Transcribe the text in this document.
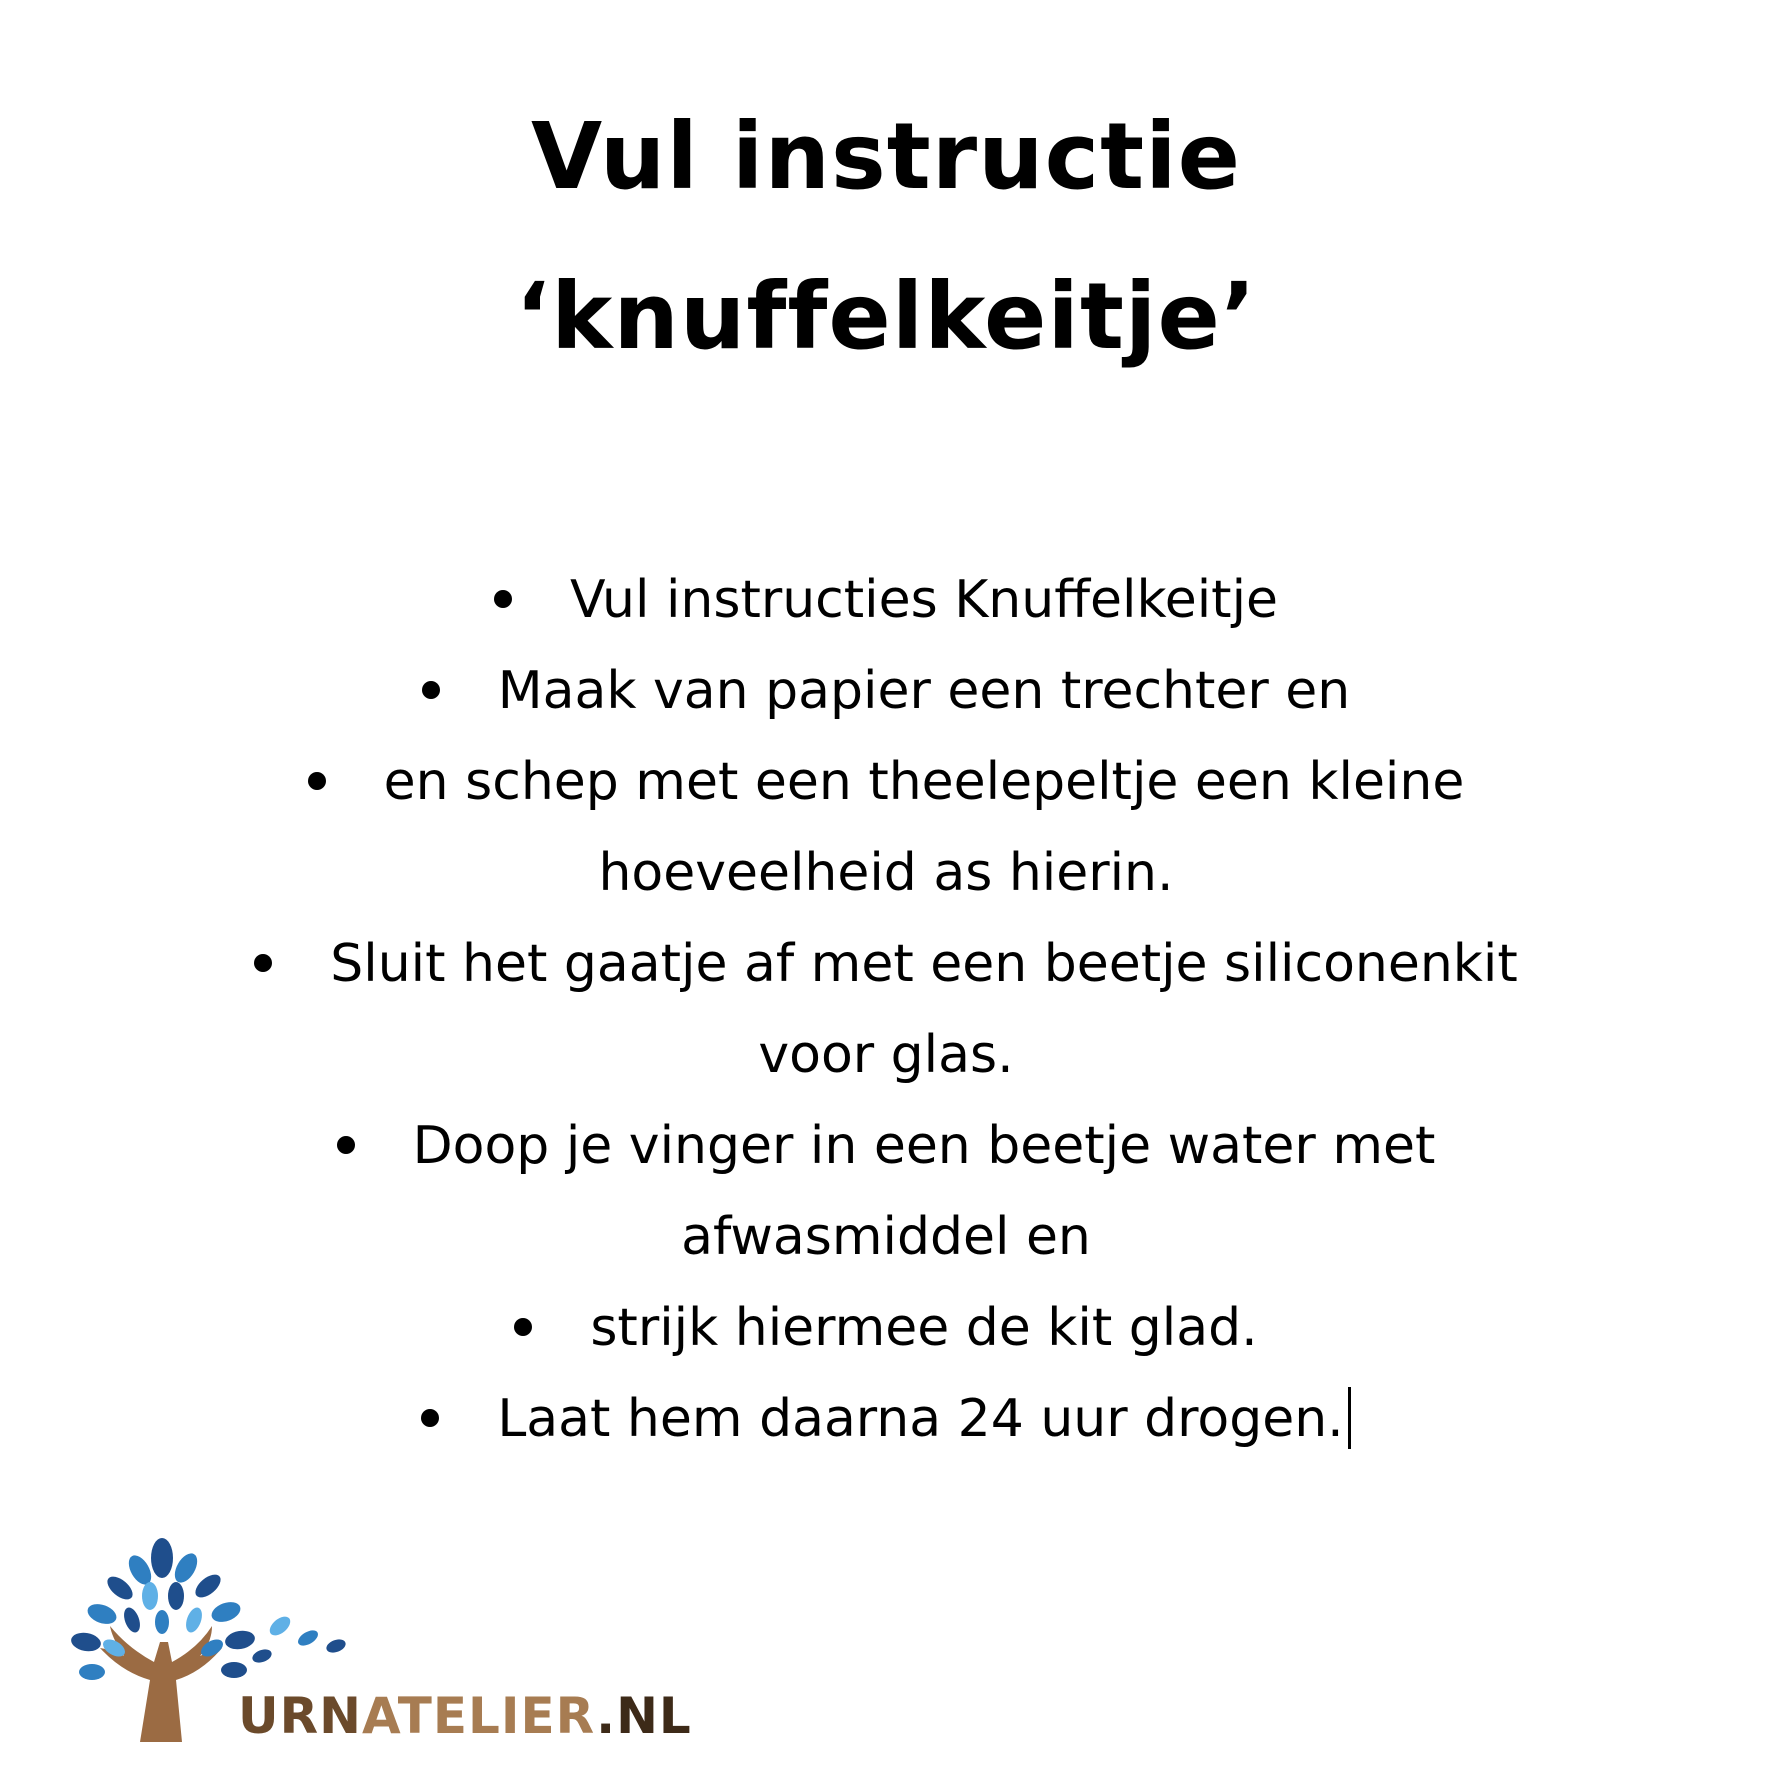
Vul instructie
‘knuffelkeitje’
Vul instructies Knuffelkeitje
Maak van papier een trechter en
en schep met een theelepeltje een kleine
hoeveelheid as hierin.
Sluit het gaatje af met een beetje siliconenkit
voor glas.
Doop je vinger in een beetje water met
afwasmiddel en
strijk hiermee de kit glad.
Laat hem daarna 24 uur drogen.
URNATELIER.NL
